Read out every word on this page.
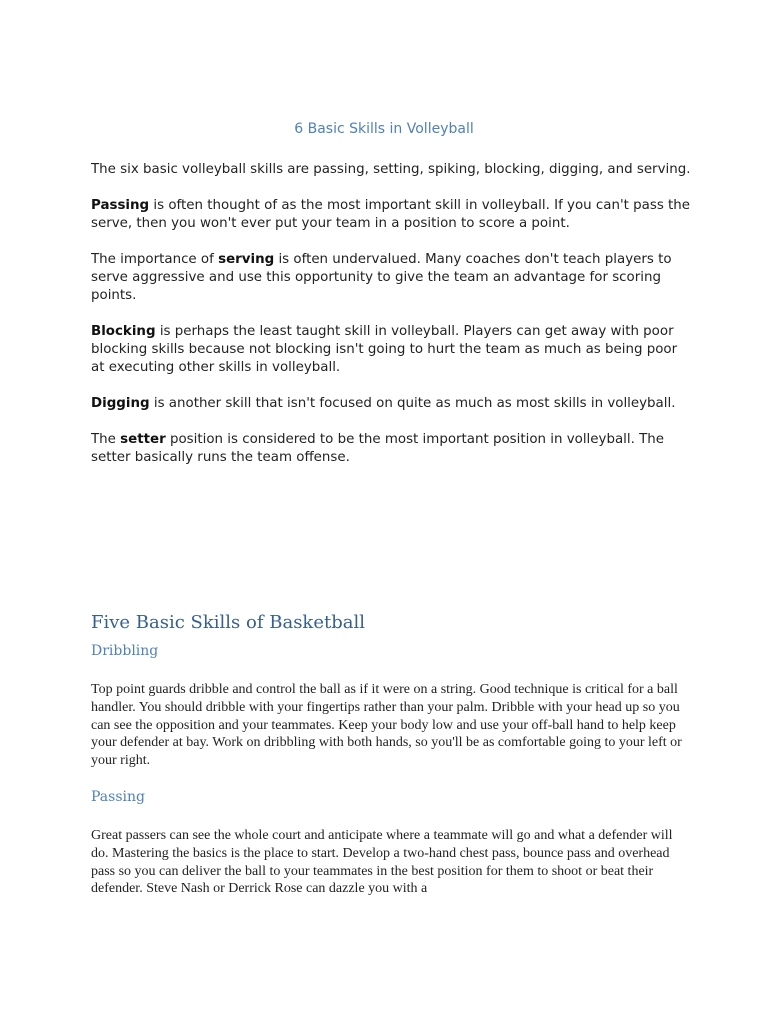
6 Basic Skills in Volleyball

The six basic volleyball skills are passing, setting, spiking, blocking, digging, and serving.

Passing is often thought of as the most important skill in volleyball. If you can't pass the serve, then you won't ever put your team in a position to score a point.

The importance of serving is often undervalued. Many coaches don't teach players to serve aggressive and use this opportunity to give the team an advantage for scoring points.

Blocking is perhaps the least taught skill in volleyball. Players can get away with poor blocking skills because not blocking isn't going to hurt the team as much as being poor at executing other skills in volleyball.

Digging is another skill that isn't focused on quite as much as most skills in volleyball.

The setter position is considered to be the most important position in volleyball. The setter basically runs the team offense.

Five Basic Skills of Basketball
Dribbling
Top point guards dribble and control the ball as if it were on a string. Good technique is critical for a ball handler. You should dribble with your fingertips rather than your palm. Dribble with your head up so you can see the opposition and your teammates. Keep your body low and use your off-ball hand to help keep your defender at bay. Work on dribbling with both hands, so you'll be as comfortable going to your left or your right.
Passing
Great passers can see the whole court and anticipate where a teammate will go and what a defender will do. Mastering the basics is the place to start. Develop a two-hand chest pass, bounce pass and overhead pass so you can deliver the ball to your teammates in the best position for them to shoot or beat their defender. Steve Nash or Derrick Rose can dazzle you with a
